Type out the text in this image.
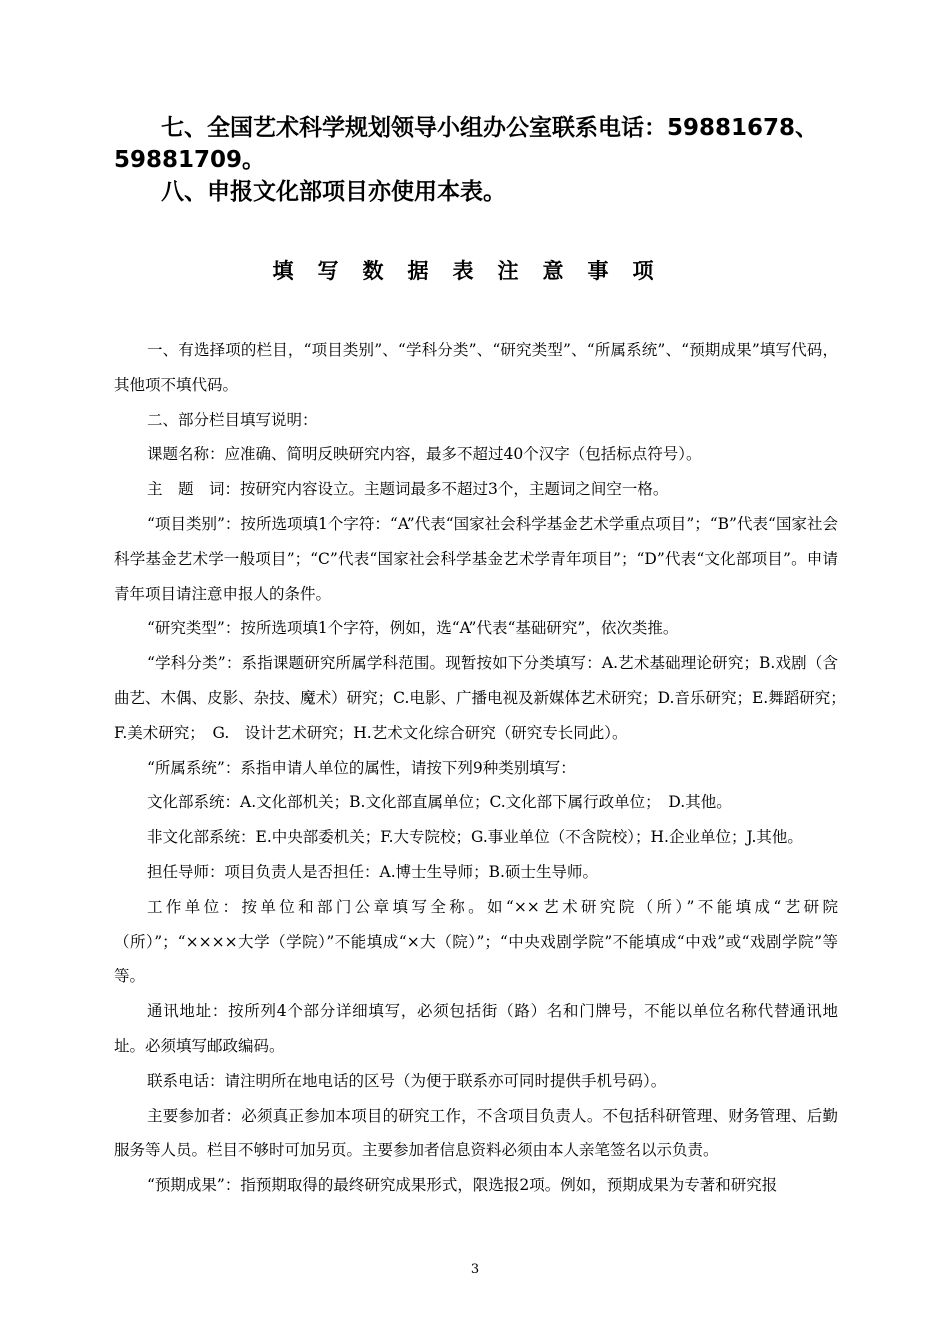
七、全国艺术科学规划领导小组办公室联系电话：59881678、
59881709。
八、申报文化部项目亦使用本表。
填写数据表注意事项

一、有选择项的栏目，“项目类别”、“学科分类”、“研究类型”、“所属系统”、“预期成果”填写代码，其他项不填代码。

二、部分栏目填写说明：

课题名称：应准确、简明反映研究内容，最多不超过40个汉字（包括标点符号）。

主　题　词：按研究内容设立。主题词最多不超过3个，主题词之间空一格。

“项目类别”：按所选项填1个字符：“A”代表“国家社会科学基金艺术学重点项目”；“B”代表“国家社会科学基金艺术学一般项目”；“C”代表“国家社会科学基金艺术学青年项目”；“D”代表“文化部项目”。申请青年项目请注意申报人的条件。

“研究类型”：按所选项填1个字符，例如，选“A”代表“基础研究”，依次类推。

“学科分类”：系指课题研究所属学科范围。现暂按如下分类填写：A.艺术基础理论研究；B.戏剧（含曲艺、木偶、皮影、杂技、魔术）研究；C.电影、广播电视及新媒体艺术研究；D.音乐研究；E.舞蹈研究；　F.美术研究；　G.　设计艺术研究；H.艺术文化综合研究（研究专长同此）。

“所属系统”：系指申请人单位的属性，请按下列9种类别填写：

文化部系统：A.文化部机关；B.文化部直属单位；C.文化部下属行政单位；　D.其他。

非文化部系统：E.中央部委机关；F.大专院校；G.事业单位（不含院校）；H.企业单位；J.其他。

担任导师：项目负责人是否担任：A.博士生导师；B.硕士生导师。

工作单位：按单位和部门公章填写全称。如“××艺术研究院（所）”不能填成“艺研院（所）”；“××××大学（学院）”不能填成“×大（院）”；“中央戏剧学院”不能填成“中戏”或“戏剧学院”等等。

通讯地址：按所列4个部分详细填写，必须包括街（路）名和门牌号，不能以单位名称代替通讯地址。必须填写邮政编码。

联系电话：请注明所在地电话的区号（为便于联系亦可同时提供手机号码）。

主要参加者：必须真正参加本项目的研究工作，不含项目负责人。不包括科研管理、财务管理、后勤服务等人员。栏目不够时可加另页。主要参加者信息资料必须由本人亲笔签名以示负责。

“预期成果”：指预期取得的最终研究成果形式，限选报2项。例如，预期成果为专著和研究报

3
